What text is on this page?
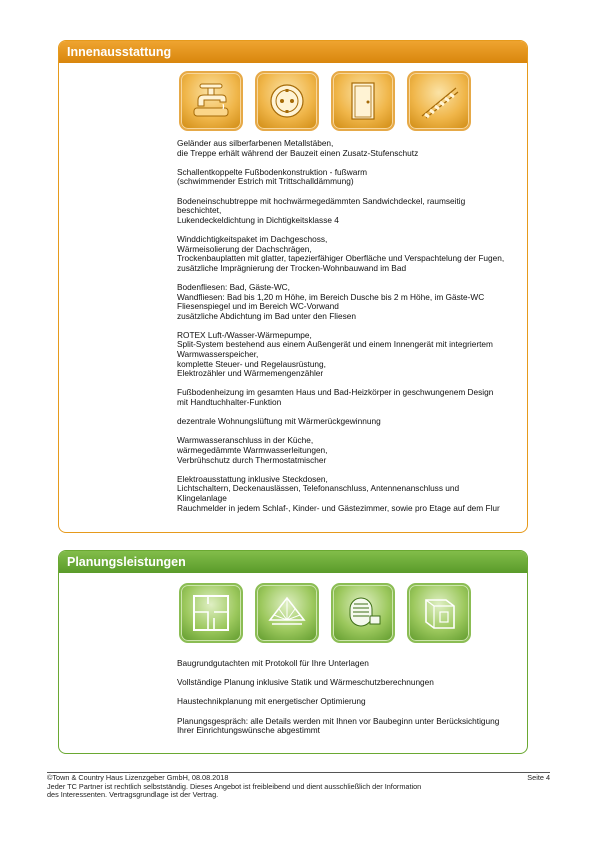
Innenausstattung

Geländer aus silberfarbenen Metallstäben,
die Treppe erhält während der Bauzeit einen Zusatz-Stufenschutz

Schallentkoppelte Fußbodenkonstruktion - fußwarm
(schwimmender Estrich mit Trittschalldämmung)

Bodeneinschubtreppe mit hochwärmegedämmten Sandwichdeckel, raumseitig
beschichtet,
Lukendeckeldichtung in Dichtigkeitsklasse 4

Winddichtigkeitspaket im Dachgeschoss,
Wärmeisolierung der Dachschrägen,
Trockenbauplatten mit glatter, tapezierfähiger Oberfläche und Verspachtelung der Fugen,
zusätzliche Imprägnierung der Trocken-Wohnbauwand im Bad

Bodenfliesen: Bad, Gäste-WC,
Wandfliesen: Bad bis 1,20 m Höhe, im Bereich Dusche bis 2 m Höhe, im Gäste-WC
Fliesenspiegel und im Bereich WC-Vorwand
zusätzliche Abdichtung im Bad unter den Fliesen

ROTEX Luft-/Wasser-Wärmepumpe,
Split-System bestehend aus einem Außengerät und einem Innengerät mit integriertem
Warmwasserspeicher,
komplette Steuer- und Regelausrüstung,
Elektrozähler und Wärmemengenzähler

Fußbodenheizung im gesamten Haus und Bad-Heizkörper in geschwungenem Design
mit Handtuchhalter-Funktion

dezentrale Wohnungslüftung mit Wärmerückgewinnung

Warmwasseranschluss in der Küche,
wärmegedämmte Warmwasserleitungen,
Verbrühschutz durch Thermostatmischer

Elektroausstattung inklusive Steckdosen,
Lichtschaltern, Deckenauslässen, Telefonanschluss, Antennenanschluss und
Klingelanlage
Rauchmelder in jedem Schlaf-, Kinder- und Gästezimmer, sowie pro Etage auf dem Flur

Planungsleistungen

Baugrundgutachten mit Protokoll für Ihre Unterlagen

Vollständige Planung inklusive Statik und Wärmeschutzberechnungen

Haustechnikplanung mit energetischer Optimierung

Planungsgespräch: alle Details werden mit Ihnen vor Baubeginn unter Berücksichtigung
Ihrer Einrichtungswünsche abgestimmt

©Town & Country Haus Lizenzgeber GmbH, 08.08.2018
Jeder TC Partner ist rechtlich selbstständig. Dieses Angebot ist freibleibend und dient ausschließlich der Information
des Interessenten. Vertragsgrundlage ist der Vertrag.
Seite 4
